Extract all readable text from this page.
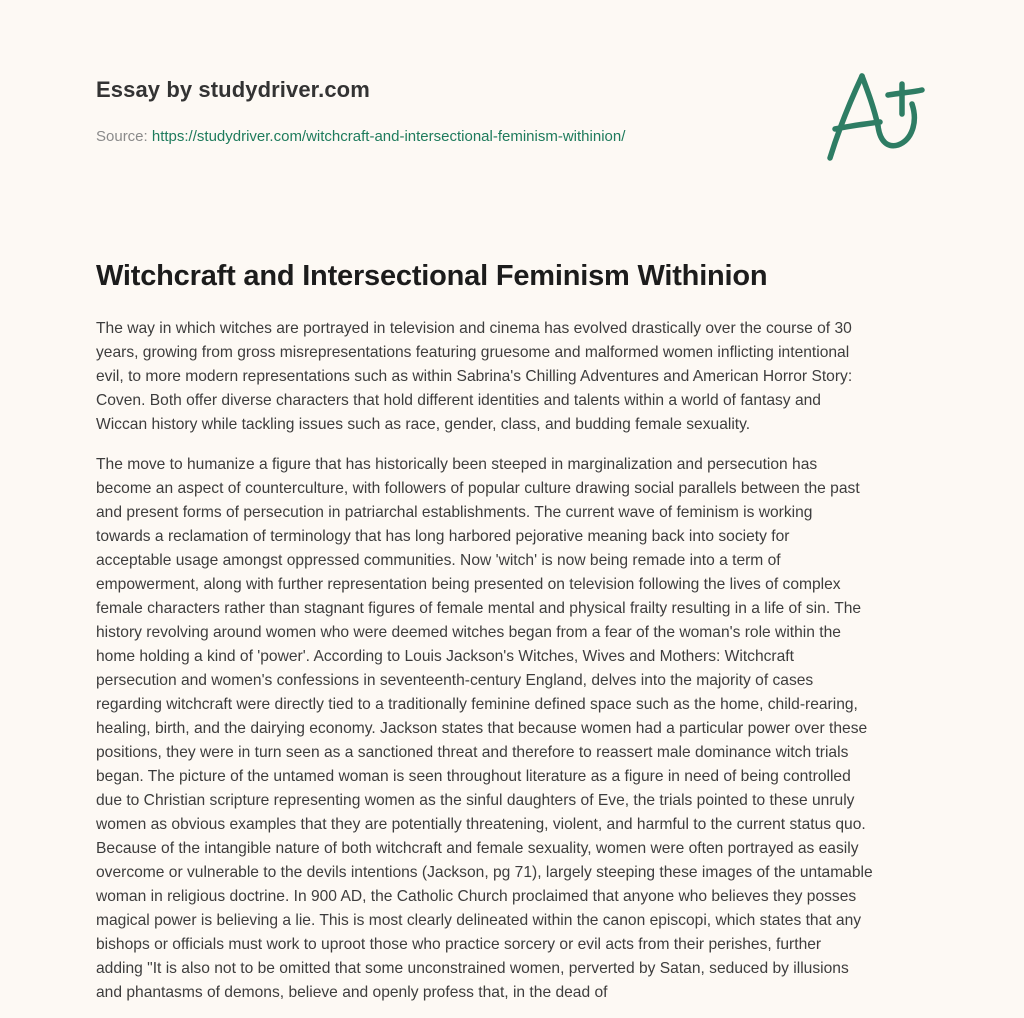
Essay by studydriver.com
Source: https://studydriver.com/witchcraft-and-intersectional-feminism-withinion/
Witchcraft and Intersectional Feminism Withinion

The way in which witches are portrayed in television and cinema has evolved drastically over the course of 30
years, growing from gross misrepresentations featuring gruesome and malformed women inflicting intentional
evil, to more modern representations such as within Sabrina's Chilling Adventures and American Horror Story:
Coven. Both offer diverse characters that hold different identities and talents within a world of fantasy and
Wiccan history while tackling issues such as race, gender, class, and budding female sexuality.

The move to humanize a figure that has historically been steeped in marginalization and persecution has
become an aspect of counterculture, with followers of popular culture drawing social parallels between the past
and present forms of persecution in patriarchal establishments. The current wave of feminism is working
towards a reclamation of terminology that has long harbored pejorative meaning back into society for
acceptable usage amongst oppressed communities. Now 'witch' is now being remade into a term of
empowerment, along with further representation being presented on television following the lives of complex
female characters rather than stagnant figures of female mental and physical frailty resulting in a life of sin. The
history revolving around women who were deemed witches began from a fear of the woman's role within the
home holding a kind of 'power'. According to Louis Jackson's Witches, Wives and Mothers: Witchcraft
persecution and women's confessions in seventeenth-century England, delves into the majority of cases
regarding witchcraft were directly tied to a traditionally feminine defined space such as the home, child-rearing,
healing, birth, and the dairying economy. Jackson states that because women had a particular power over these
positions, they were in turn seen as a sanctioned threat and therefore to reassert male dominance witch trials
began. The picture of the untamed woman is seen throughout literature as a figure in need of being controlled
due to Christian scripture representing women as the sinful daughters of Eve, the trials pointed to these unruly
women as obvious examples that they are potentially threatening, violent, and harmful to the current status quo.
Because of the intangible nature of both witchcraft and female sexuality, women were often portrayed as easily
overcome or vulnerable to the devils intentions (Jackson, pg 71), largely steeping these images of the untamable
woman in religious doctrine. In 900 AD, the Catholic Church proclaimed that anyone who believes they posses
magical power is believing a lie. This is most clearly delineated within the canon episcopi, which states that any
bishops or officials must work to uproot those who practice sorcery or evil acts from their perishes, further
adding "It is also not to be omitted that some unconstrained women, perverted by Satan, seduced by illusions
and phantasms of demons, believe and openly profess that, in the dead of
